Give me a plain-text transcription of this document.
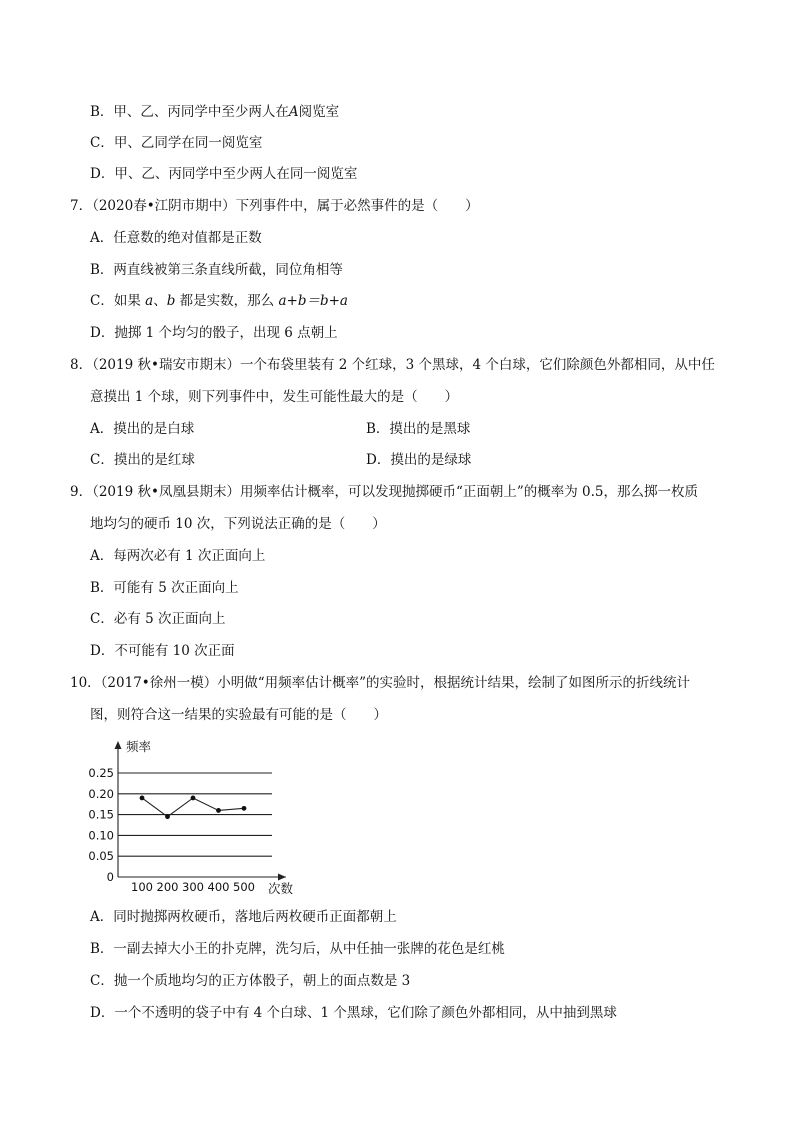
B．甲、乙、丙同学中至少两人在A阅览室
C．甲、乙同学在同一阅览室
D．甲、乙、丙同学中至少两人在同一阅览室
7．（2020春•江阴市期中）下列事件中，属于必然事件的是（　　）
A．任意数的绝对值都是正数
B．两直线被第三条直线所截，同位角相等
C．如果 a、b 都是实数，那么 a+b＝b+a
D．抛掷 1 个均匀的骰子，出现 6 点朝上
8．（2019 秋•瑞安市期末）一个布袋里装有 2 个红球，3 个黑球，4 个白球，它们除颜色外都相同，从中任
意摸出 1 个球，则下列事件中，发生可能性最大的是（　　）
A．摸出的是白球	B．摸出的是黑球
C．摸出的是红球	D．摸出的是绿球
9．（2019 秋•凤凰县期末）用频率估计概率，可以发现抛掷硬币“正面朝上”的概率为 0.5，那么掷一枚质
地均匀的硬币 10 次，下列说法正确的是（　　）
A．每两次必有 1 次正面向上
B．可能有 5 次正面向上
C．必有 5 次正面向上
D．不可能有 10 次正面
10．（2017•徐州一模）小明做“用频率估计概率”的实验时，根据统计结果，绘制了如图所示的折线统计
图，则符合这一结果的实验最有可能的是（　　）
0
0.05
0.10
0.15
0.20
0.25
100 200 300 400 500
频率
次数
A．同时抛掷两枚硬币，落地后两枚硬币正面都朝上
B．一副去掉大小王的扑克牌，洗匀后，从中任抽一张牌的花色是红桃
C．抛一个质地均匀的正方体骰子，朝上的面点数是 3
D．一个不透明的袋子中有 4 个白球、1 个黑球，它们除了颜色外都相同，从中抽到黑球
